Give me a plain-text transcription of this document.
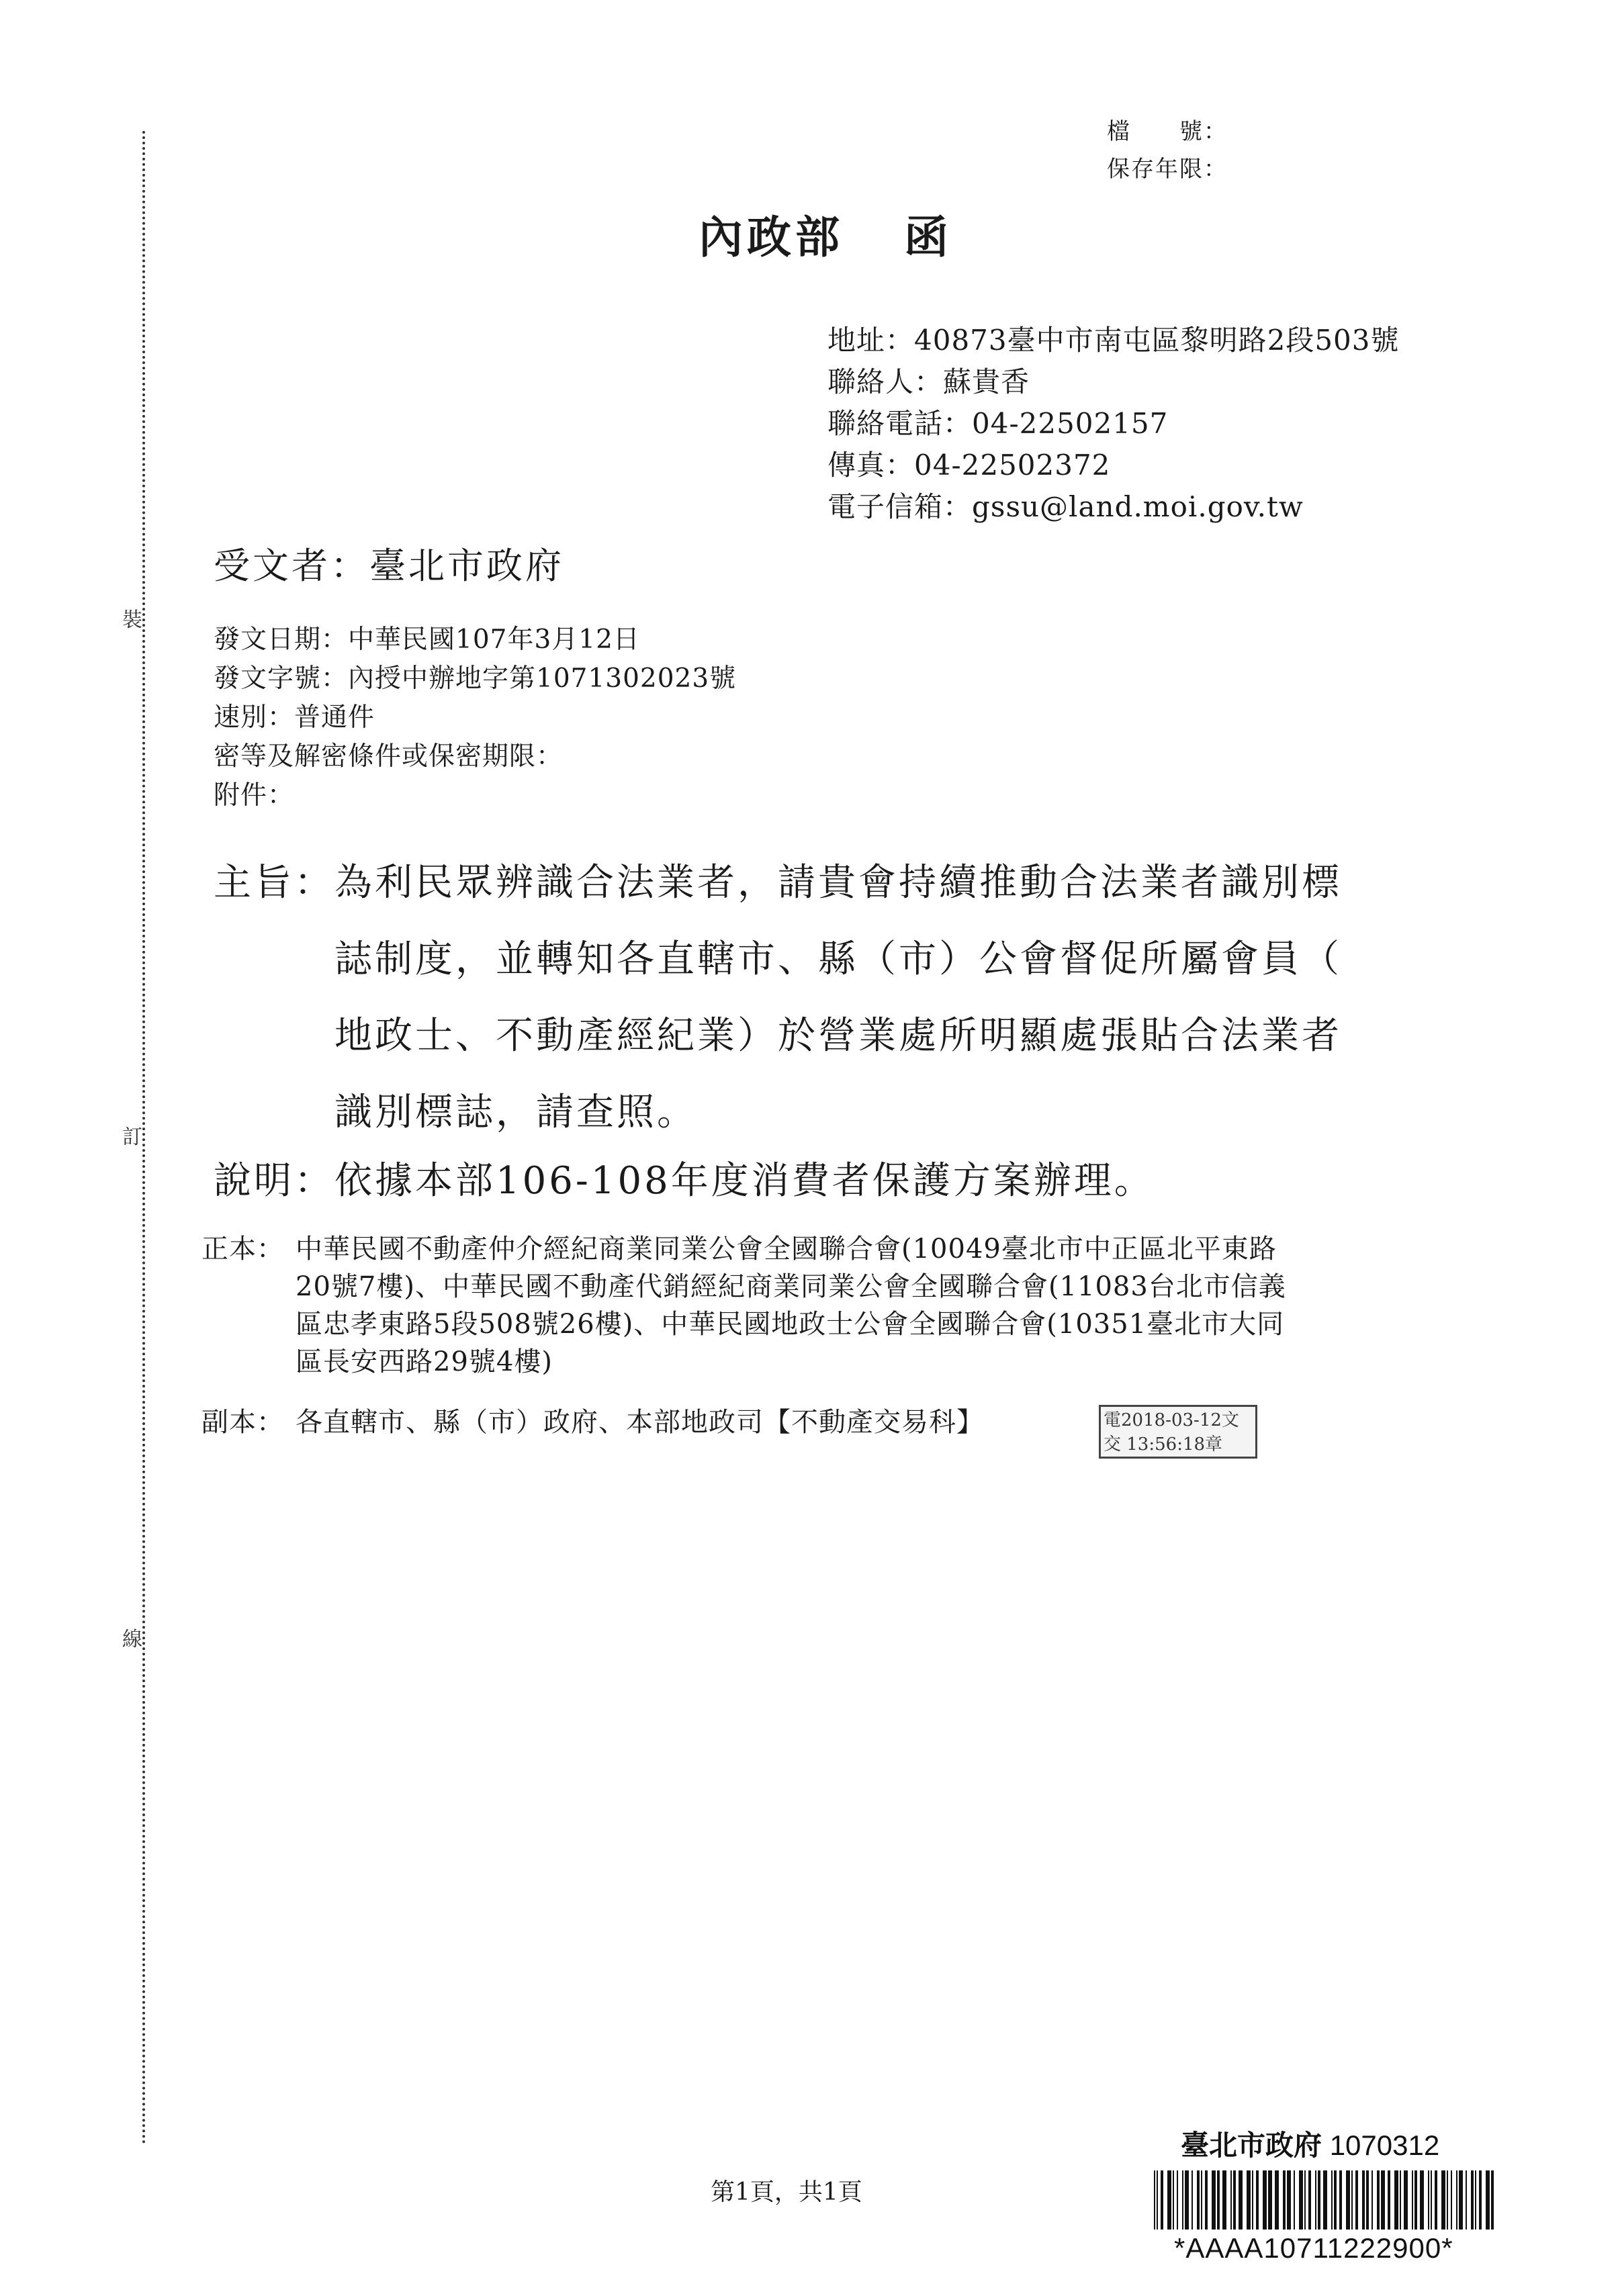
裝
訂
線
檔　　號：
保存年限：
內政部 函
地址：40873臺中市南屯區黎明路2段503號
聯絡人：蘇貴香
聯絡電話：04-22502157
傳真：04-22502372
電子信箱：gssu@land.moi.gov.tw
受文者：臺北市政府
發文日期：中華民國107年3月12日
發文字號：內授中辦地字第1071302023號
速別：普通件
密等及解密條件或保密期限：
附件：
主旨： 為利民眾辨識合法業者，請貴會持續推動合法業者識別標
誌制度，並轉知各直轄市、縣（市）公會督促所屬會員（
地政士、不動產經紀業）於營業處所明顯處張貼合法業者
識別標誌，請查照。
說明：依據本部106-108年度消費者保護方案辦理。
正本： 中華民國不動產仲介經紀商業同業公會全國聯合會(10049臺北市中正區北平東路
20號7樓)、中華民國不動產代銷經紀商業同業公會全國聯合會(11083台北市信義
區忠孝東路5段508號26樓)、中華民國地政士公會全國聯合會(10351臺北市大同
區長安西路29號4樓)
副本： 各直轄市、縣（市）政府、本部地政司【不動產交易科】	電2018-03-12文
交 13:56:18章
第1頁，共1頁
臺北市政府 1070312
*AAAA10711222900*
